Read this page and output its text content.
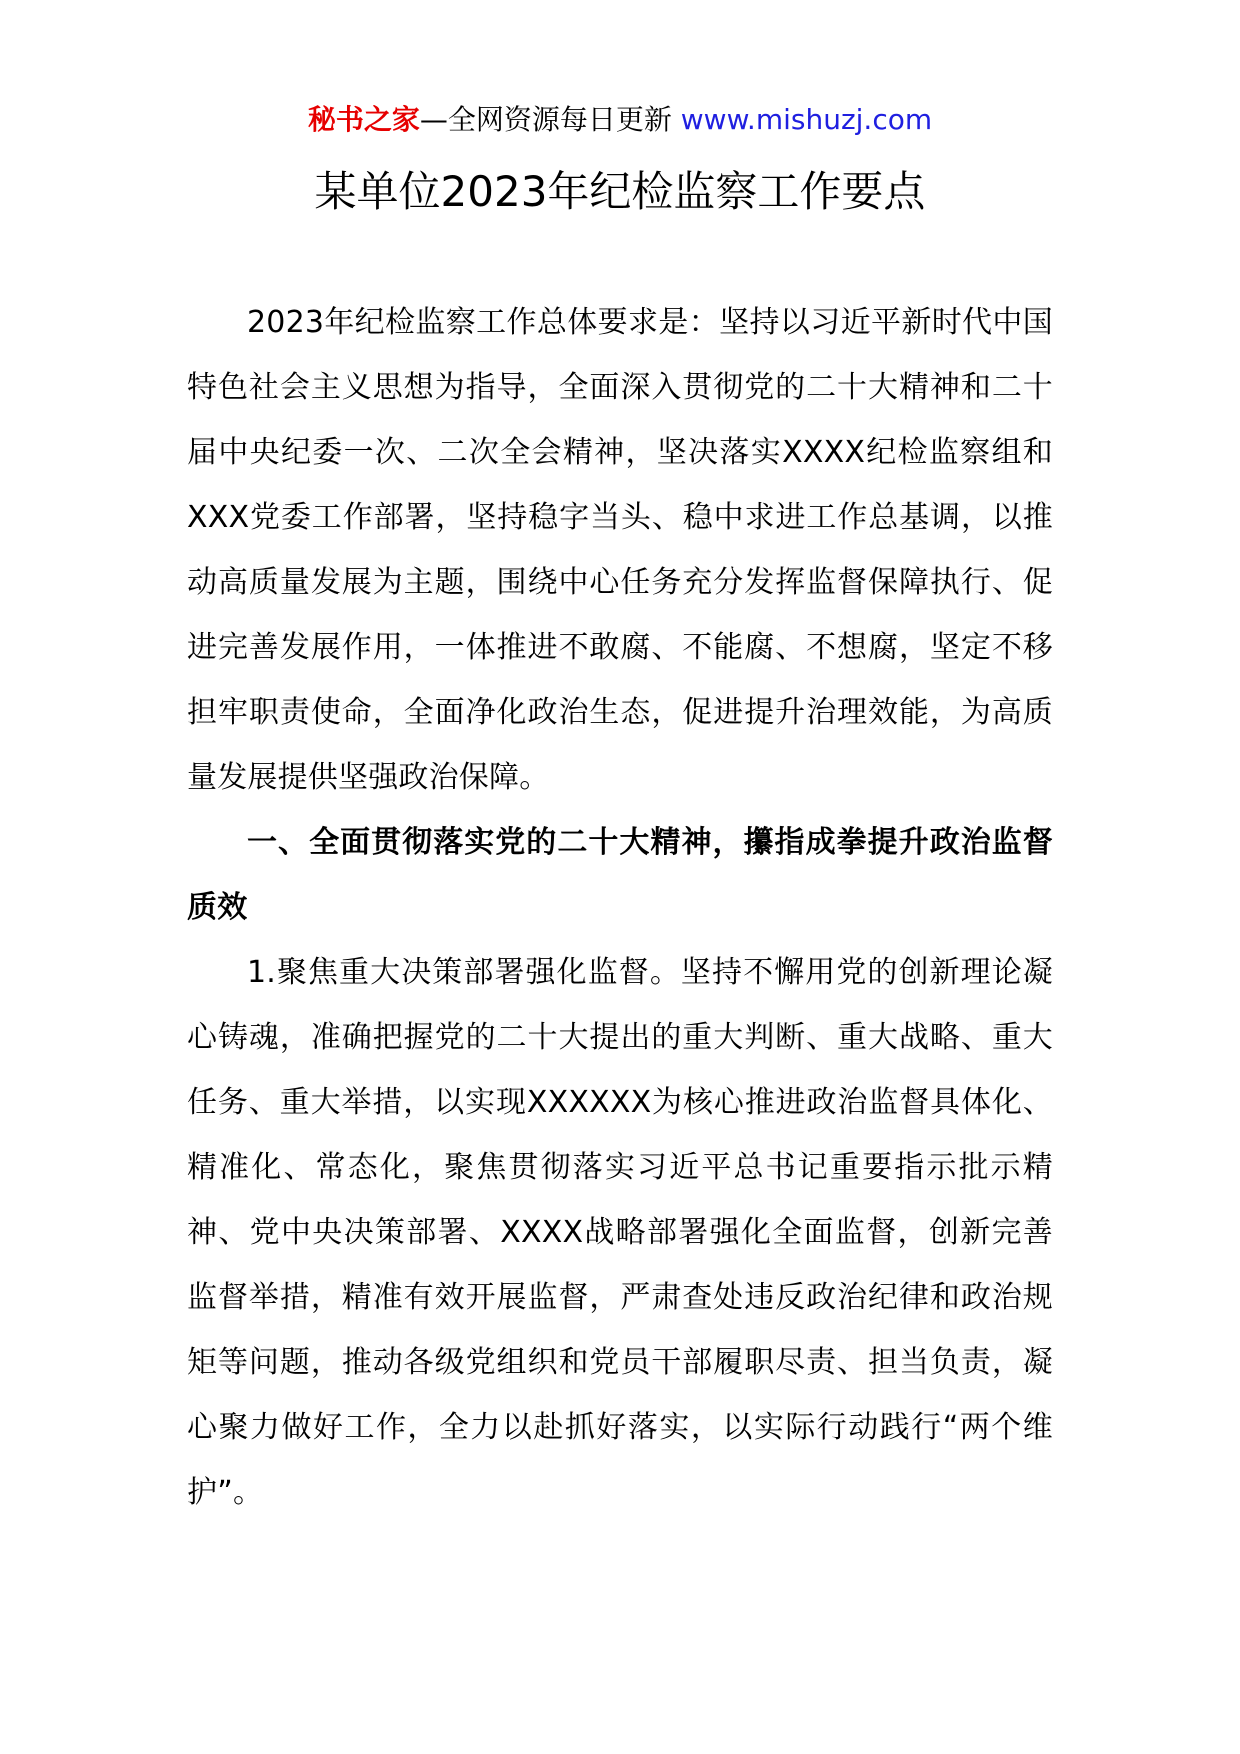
秘书之家—全网资源每日更新 www.mishuzj.com
某单位2023年纪检监察工作要点

2023年纪检监察工作总体要求是：坚持以习近平新时代中国特色社会主义思想为指导，全面深入贯彻党的二十大精神和二十届中央纪委一次、二次全会精神，坚决落实XXXX纪检监察组和XXX党委工作部署，坚持稳字当头、稳中求进工作总基调，以推动高质量发展为主题，围绕中心任务充分发挥监督保障执行、促进完善发展作用，一体推进不敢腐、不能腐、不想腐，坚定不移担牢职责使命，全面净化政治生态，促进提升治理效能，为高质量发展提供坚强政治保障。

一、全面贯彻落实党的二十大精神，攥指成拳提升政治监督质效

1.聚焦重大决策部署强化监督。坚持不懈用党的创新理论凝心铸魂，准确把握党的二十大提出的重大判断、重大战略、重大任务、重大举措，以实现XXXXXX为核心推进政治监督具体化、精准化、常态化，聚焦贯彻落实习近平总书记重要指示批示精神、党中央决策部署、XXXX战略部署强化全面监督，创新完善监督举措，精准有效开展监督，严肃查处违反政治纪律和政治规矩等问题，推动各级党组织和党员干部履职尽责、担当负责，凝心聚力做好工作，全力以赴抓好落实，以实际行动践行“两个维护”。
